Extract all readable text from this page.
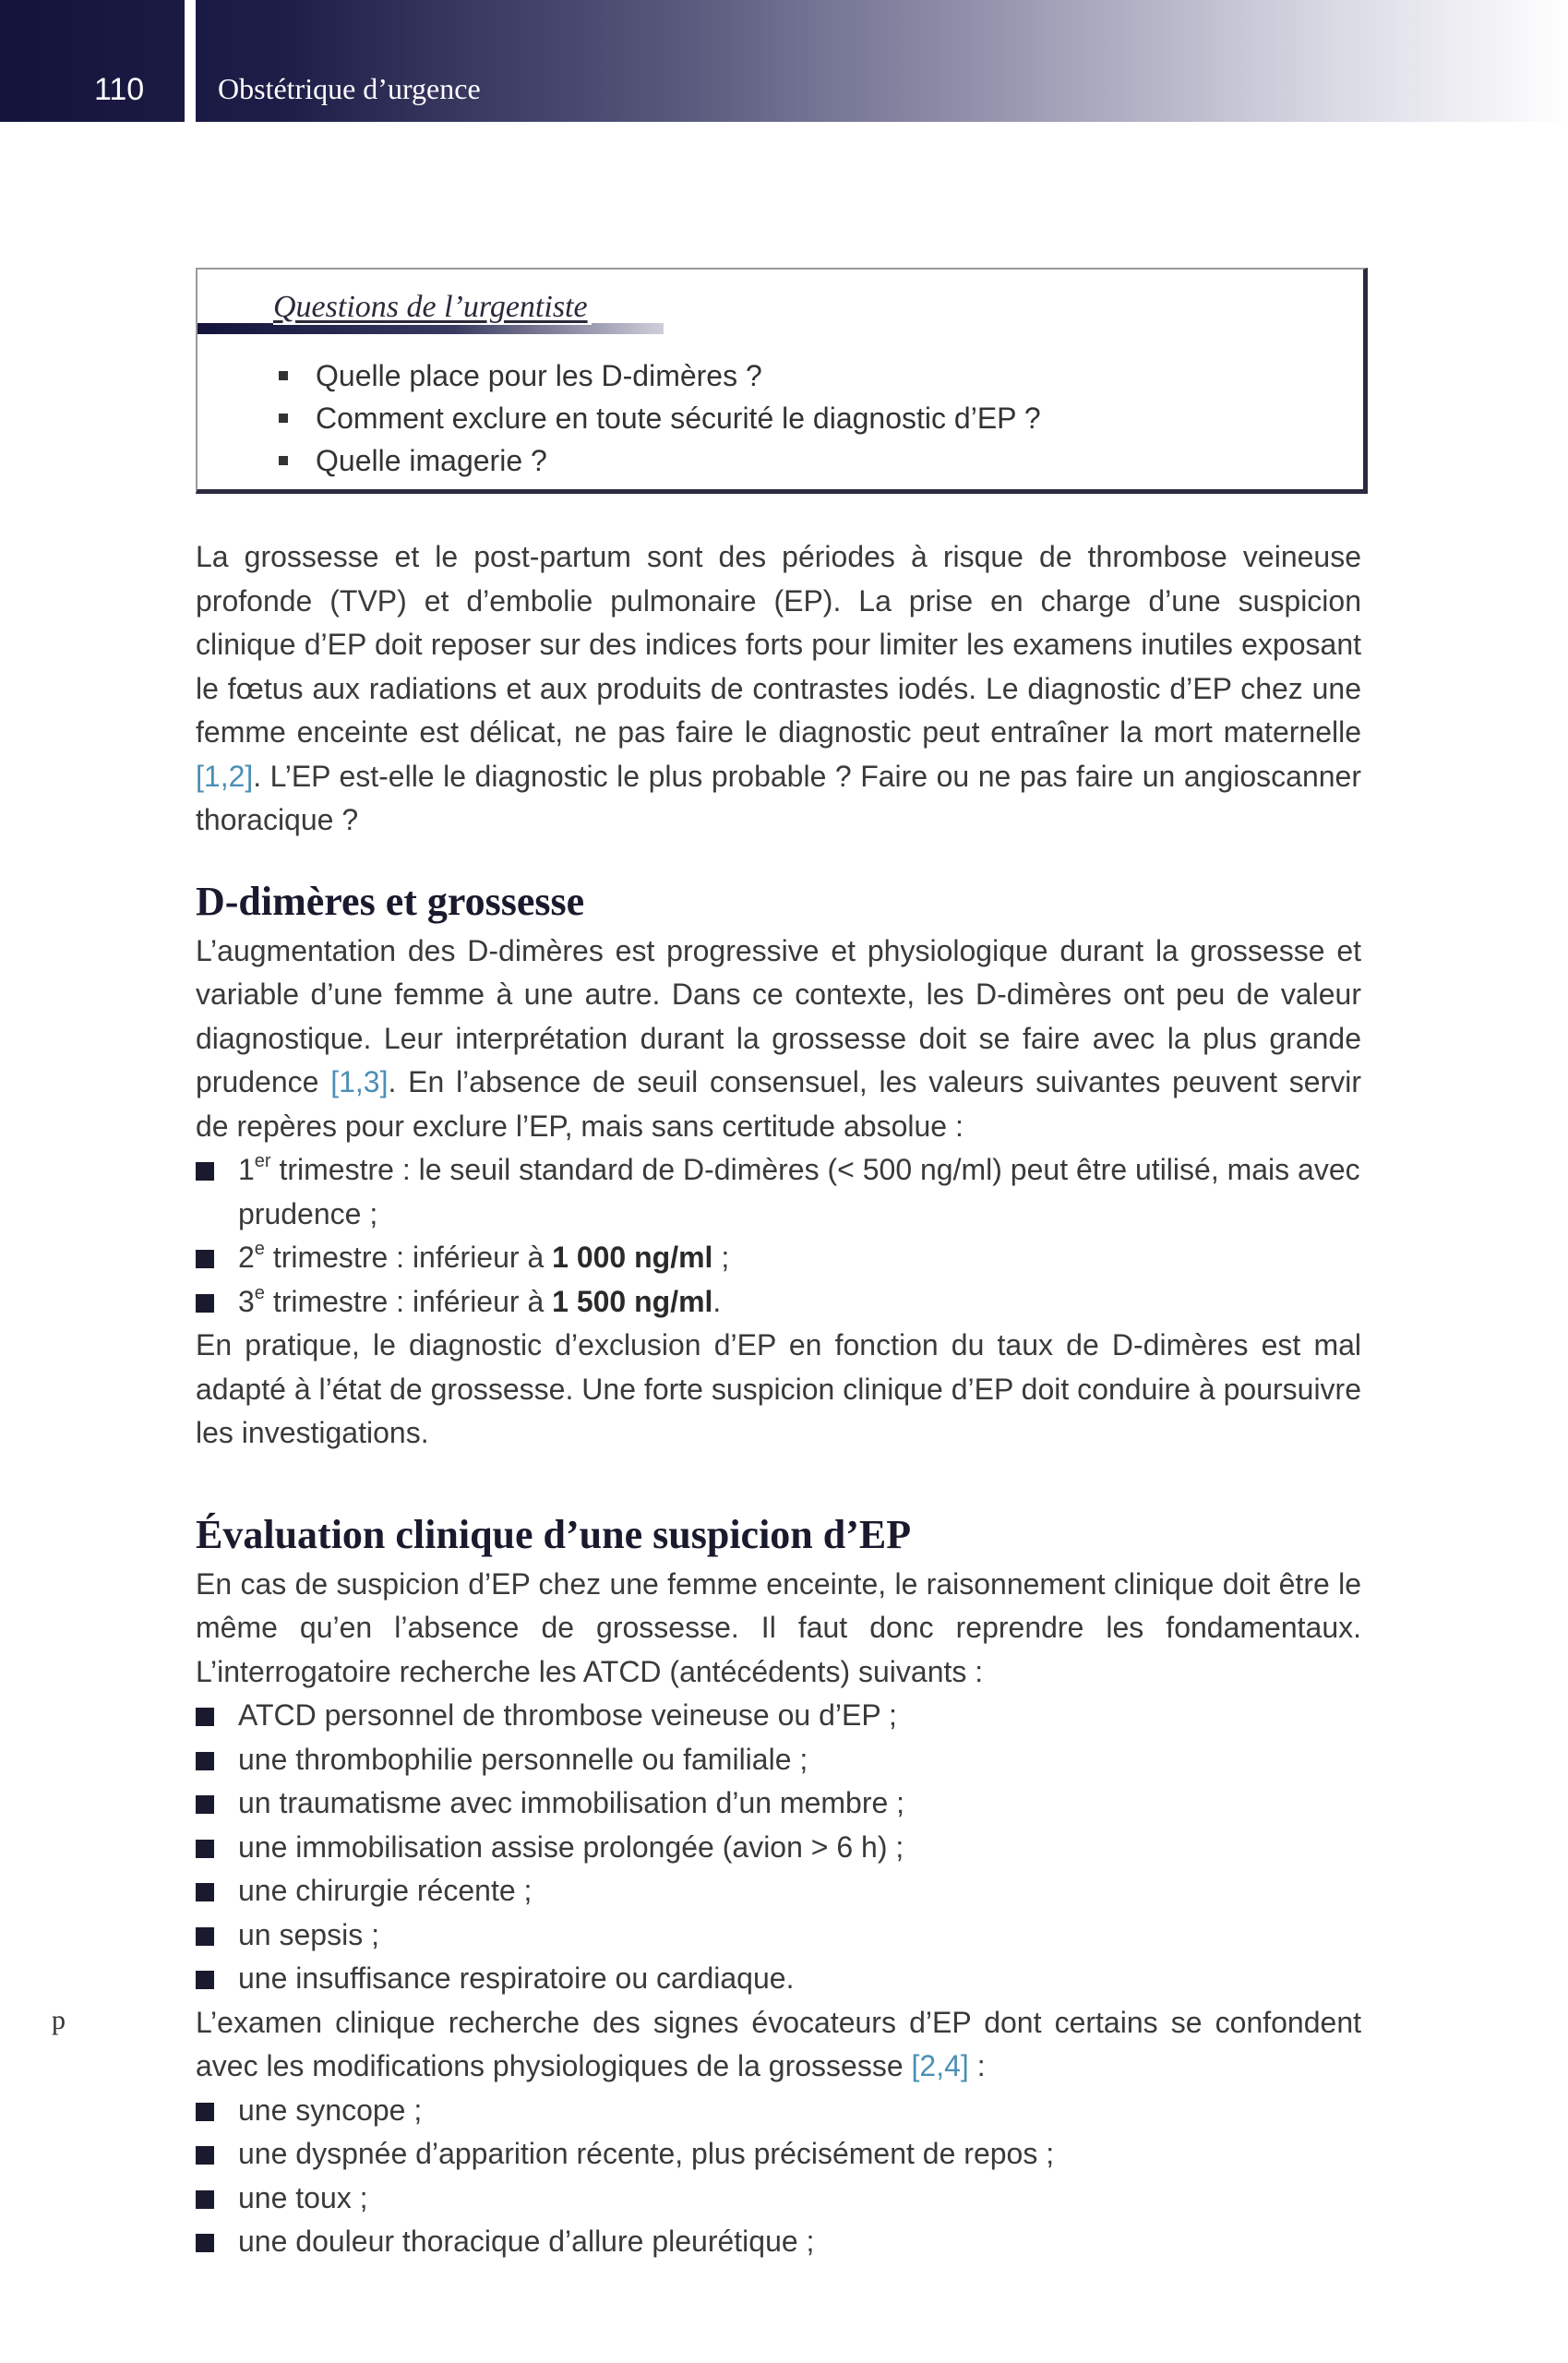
110 Obstétrique d’urgence
Questions de l’urgentiste
Quelle place pour les D-dimères ?
Comment exclure en toute sécurité le diagnostic d’EP ?
Quelle imagerie ?

La grossesse et le post-partum sont des périodes à risque de thrombose veineuse profonde (TVP) et d’embolie pulmonaire (EP). La prise en charge d’une suspicion clinique d’EP doit reposer sur des indices forts pour limiter les examens inutiles exposant le fœtus aux radiations et aux produits de contrastes iodés. Le diagnostic d’EP chez une femme enceinte est délicat, ne pas faire le diagnostic peut entraîner la mort maternelle [1,2]. L’EP est-elle le diagnostic le plus probable ? Faire ou ne pas faire un angioscanner thoracique ?

D-dimères et grossesse

L’augmentation des D-dimères est progressive et physiologique durant la grossesse et variable d’une femme à une autre. Dans ce contexte, les D-dimères ont peu de valeur diagnostique. Leur interprétation durant la grossesse doit se faire avec la plus grande prudence [1,3]. En l’absence de seuil consensuel, les valeurs suivantes peuvent servir de repères pour exclure l’EP, mais sans certitude absolue :

1er trimestre : le seuil standard de D-dimères (< 500 ng/ml) peut être utilisé, mais avec prudence ;
2e trimestre : inférieur à 1 000 ng/ml ;
3e trimestre : inférieur à 1 500 ng/ml.

En pratique, le diagnostic d’exclusion d’EP en fonction du taux de D-dimères est mal adapté à l’état de grossesse. Une forte suspicion clinique d’EP doit conduire à poursuivre les investigations.

Évaluation clinique d’une suspicion d’EP

En cas de suspicion d’EP chez une femme enceinte, le raisonnement clinique doit être le même qu’en l’absence de grossesse. Il faut donc reprendre les fondamentaux. L’interrogatoire recherche les ATCD (antécédents) suivants :

ATCD personnel de thrombose veineuse ou d’EP ;
une thrombophilie personnelle ou familiale ;
un traumatisme avec immobilisation d’un membre ;
une immobilisation assise prolongée (avion > 6 h) ;
une chirurgie récente ;
un sepsis ;
une insuffisance respiratoire ou cardiaque.

L’examen clinique recherche des signes évocateurs d’EP dont certains se confondent avec les modifications physiologiques de la grossesse [2,4] :

une syncope ;
une dyspnée d’apparition récente, plus précisément de repos ;
une toux ;
une douleur thoracique d’allure pleurétique ;
p
